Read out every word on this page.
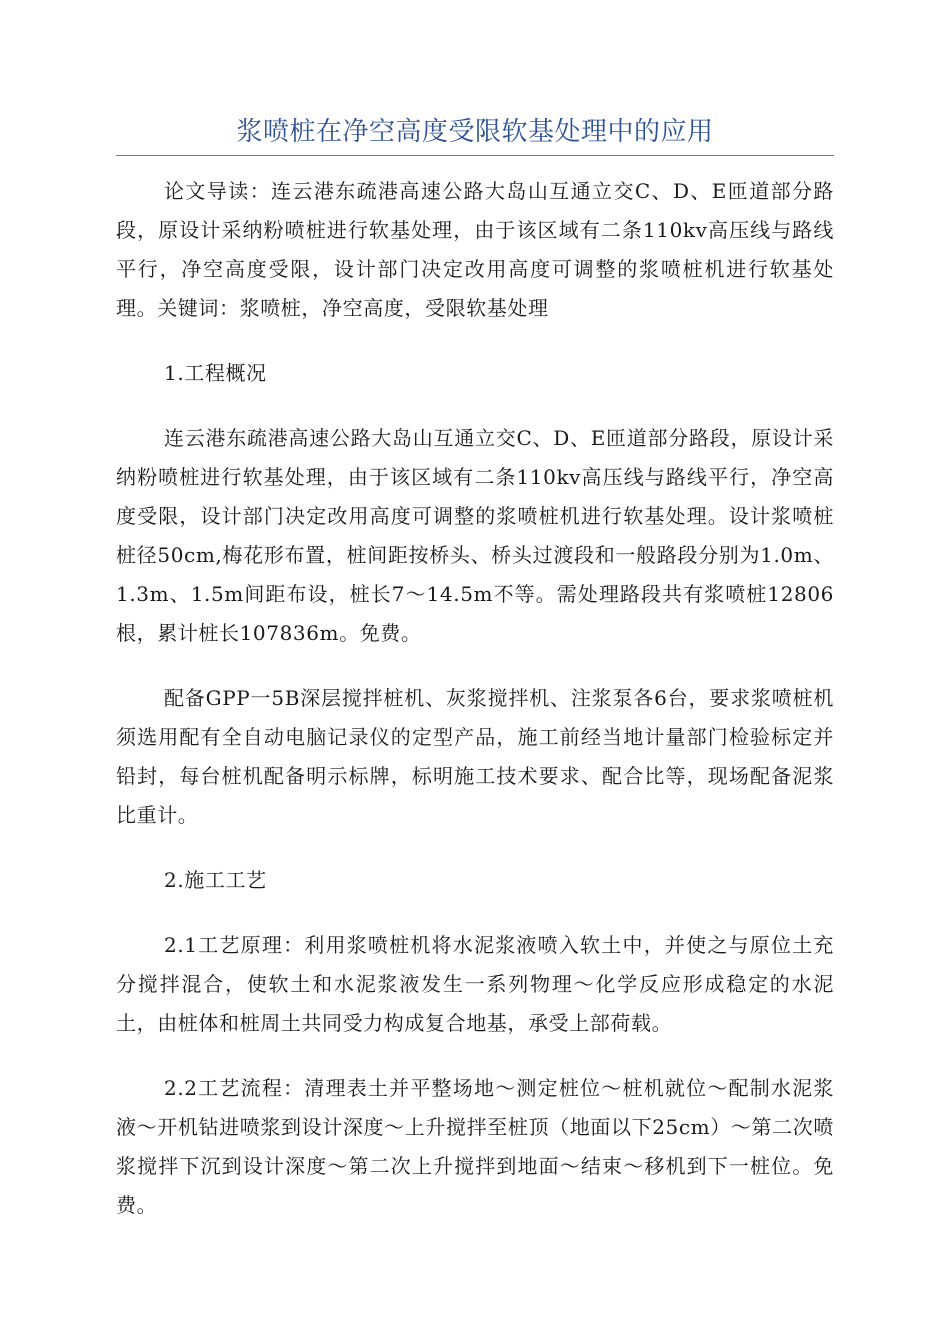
浆喷桩在净空高度受限软基处理中的应用

论文导读：连云港东疏港高速公路大岛山互通立交C、D、E匝道部分路段，原设计采纳粉喷桩进行软基处理，由于该区域有二条110kv高压线与路线平行，净空高度受限，设计部门决定改用高度可调整的浆喷桩机进行软基处理。关键词：浆喷桩，净空高度，受限软基处理

1.工程概况

连云港东疏港高速公路大岛山互通立交C、D、E匝道部分路段，原设计采纳粉喷桩进行软基处理，由于该区域有二条110kv高压线与路线平行，净空高度受限，设计部门决定改用高度可调整的浆喷桩机进行软基处理。设计浆喷桩桩径50cm,梅花形布置，桩间距按桥头、桥头过渡段和一般路段分别为1.0m、1.3m、1.5m间距布设，桩长7～14.5m不等。需处理路段共有浆喷桩12806根，累计桩长107836m。免费。

配备GPP一5B深层搅拌桩机、灰浆搅拌机、注浆泵各6台，要求浆喷桩机须选用配有全自动电脑记录仪的定型产品，施工前经当地计量部门检验标定并铅封，每台桩机配备明示标牌，标明施工技术要求、配合比等，现场配备泥浆比重计。

2.施工工艺

2.1工艺原理：利用浆喷桩机将水泥浆液喷入软土中，并使之与原位土充分搅拌混合，使软土和水泥浆液发生一系列物理～化学反应形成稳定的水泥土，由桩体和桩周土共同受力构成复合地基，承受上部荷载。

2.2工艺流程：清理表土并平整场地～测定桩位～桩机就位～配制水泥浆液～开机钻进喷浆到设计深度～上升搅拌至桩顶（地面以下25cm）～第二次喷浆搅拌下沉到设计深度～第二次上升搅拌到地面～结束～移机到下一桩位。免费。
